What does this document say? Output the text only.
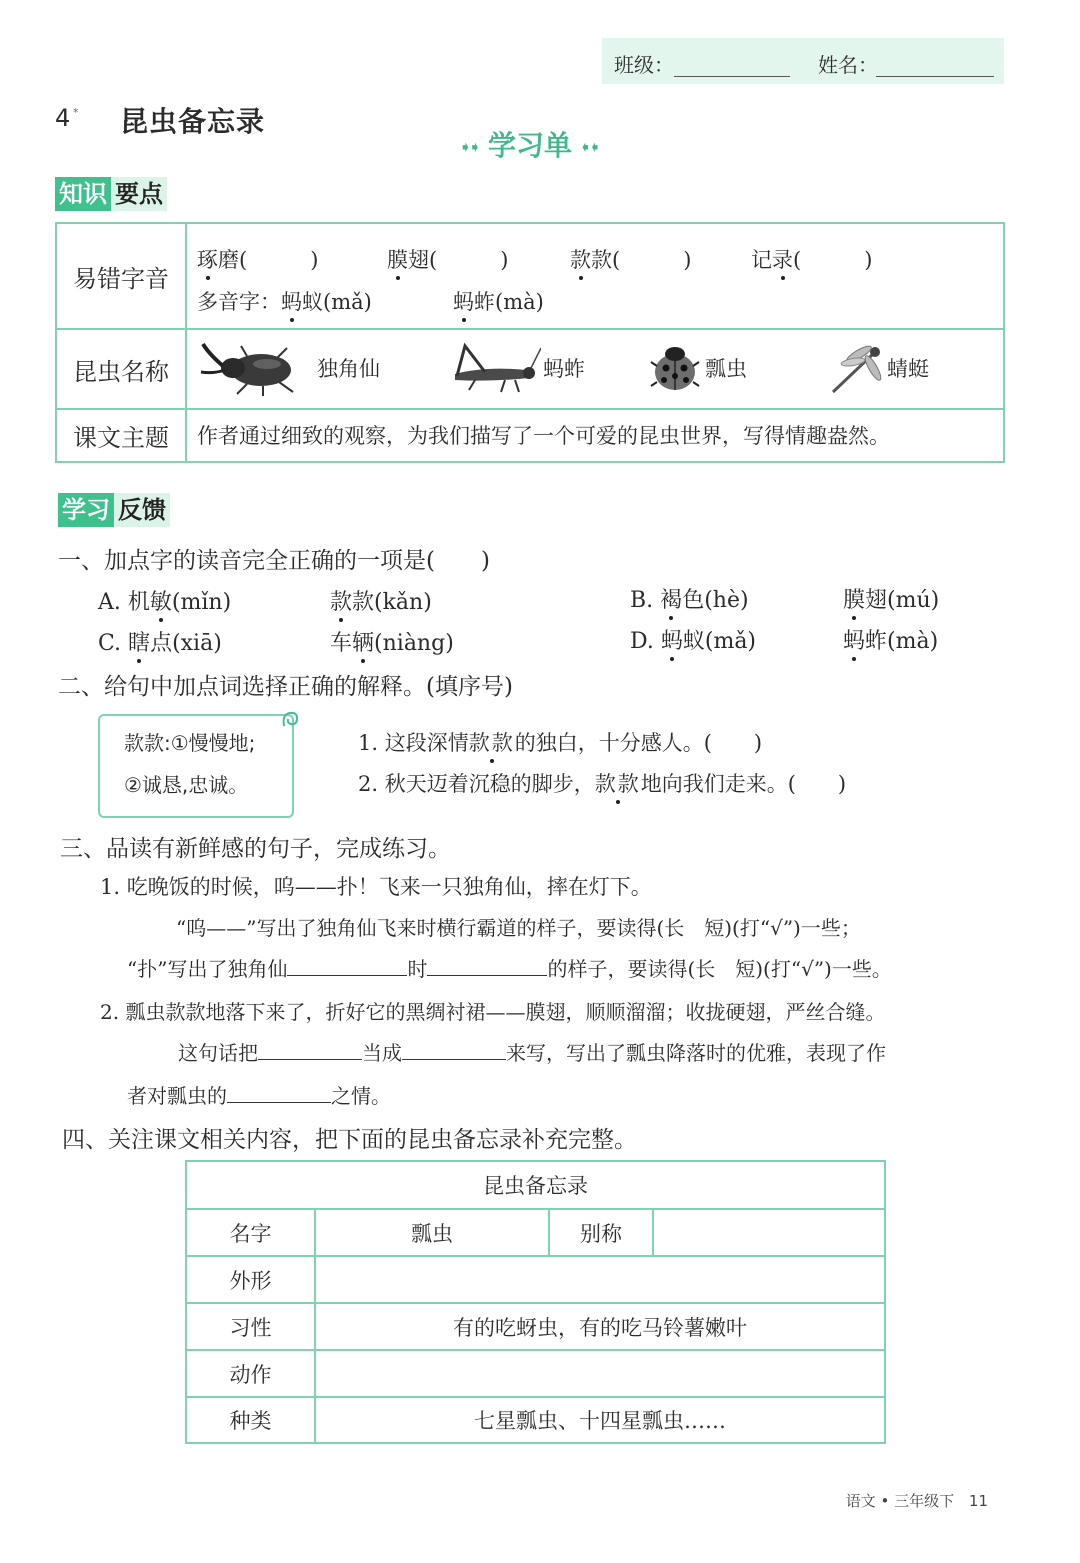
班级：	姓名：
4 * 昆虫备忘录
➧➧ 学习单 ➧➧
知识 要点
易错字音
琢磨(　　　)	膜翅(　　　)	款款(　　　)	记录(　　　)
多音字：蚂蚁(mǎ)	蚂蚱(mà)
昆虫名称	独角仙	蚂蚱	瓢虫	蜻蜓
课文主题	作者通过细致的观察，为我们描写了一个可爱的昆虫世界，写得情趣盎然。
学习 反馈
一、加点字的读音完全正确的一项是(　　)
A. 机敏(mǐn)	款款(kǎn)	B. 褐色(hè)	膜翅(mú)
C. 瞎点(xiā)	车辆(niàng)	D. 蚂蚁(mǎ)	蚂蚱(mà)
二、给句中加点词选择正确的解释。(填序号)
款款:①慢慢地;
②诚恳,忠诚。
1. 这段深情款款的独白，十分感人。(　　)
2. 秋天迈着沉稳的脚步，款款地向我们走来。(　　)
三、品读有新鲜感的句子，完成练习。
1. 吃晚饭的时候，呜——扑！飞来一只独角仙，摔在灯下。
“呜——”写出了独角仙飞来时横行霸道的样子，要读得(长　短)(打“√”)一些；
“扑”写出了独角仙	时	的样子，要读得(长　短)(打“√”)一些。
2. 瓢虫款款地落下来了，折好它的黑绸衬裙——膜翅，顺顺溜溜；收拢硬翅，严丝合缝。
这句话把	当成	来写，写出了瓢虫降落时的优雅，表现了作
者对瓢虫的	之情。
四、关注课文相关内容，把下面的昆虫备忘录补充完整。
昆虫备忘录
名字	瓢虫	别称
外形
习性	有的吃蚜虫，有的吃马铃薯嫩叶
动作
种类	七星瓢虫、十四星瓢虫……
语文 • 三年级下 11
